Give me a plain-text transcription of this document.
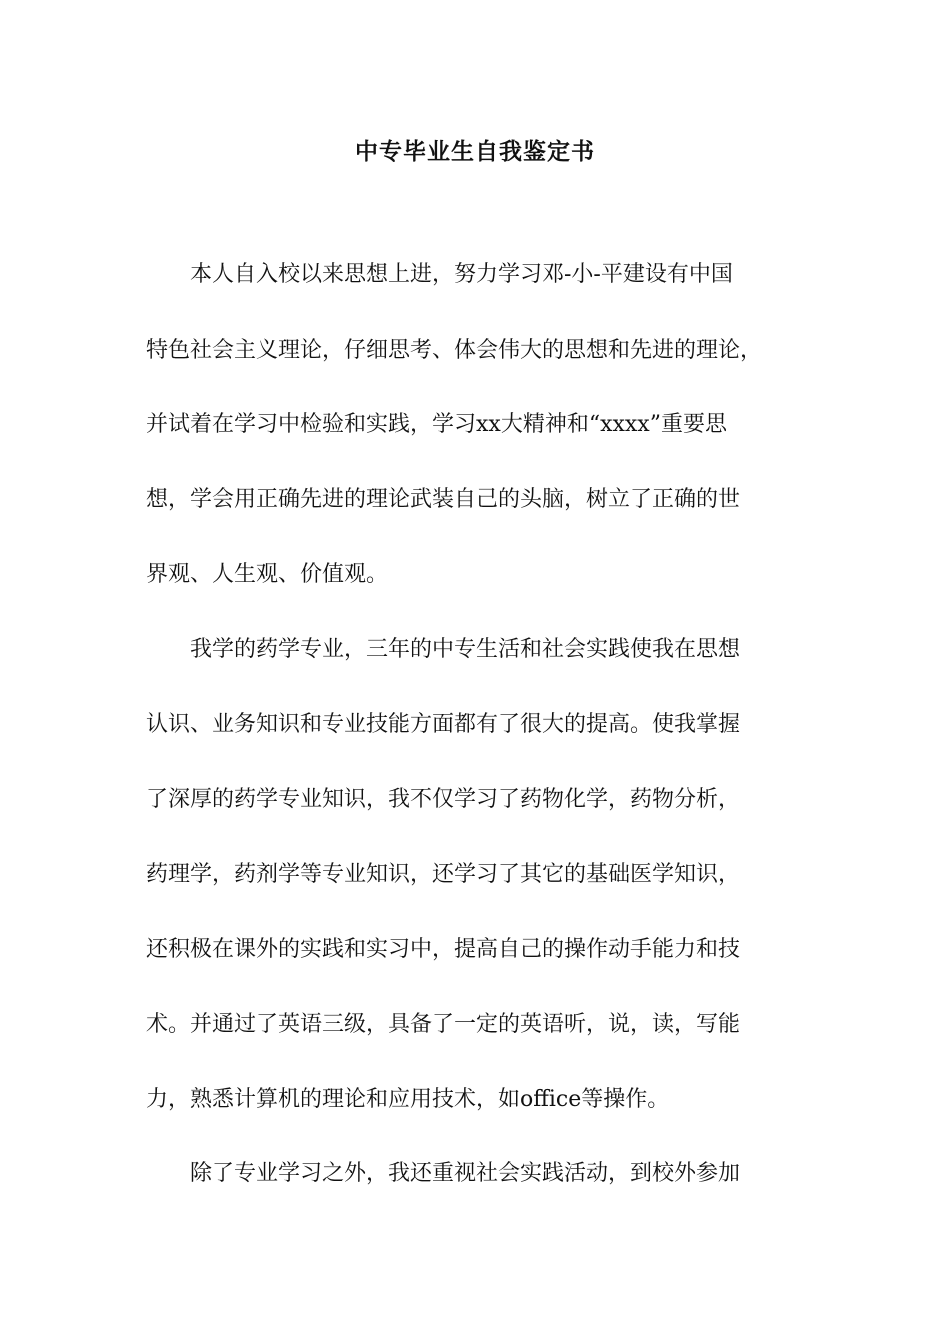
中专毕业生自我鉴定书
　　本人自入校以来思想上进，努力学习邓-小-平建设有中国
特色社会主义理论，仔细思考、体会伟大的思想和先进的理论，
并试着在学习中检验和实践，学习xx大精神和“xxxx”重要思
想，学会用正确先进的理论武装自己的头脑，树立了正确的世
界观、人生观、价值观。
　　我学的药学专业，三年的中专生活和社会实践使我在思想
认识、业务知识和专业技能方面都有了很大的提高。使我掌握
了深厚的药学专业知识，我不仅学习了药物化学，药物分析，
药理学，药剂学等专业知识，还学习了其它的基础医学知识，
还积极在课外的实践和实习中，提高自己的操作动手能力和技
术。并通过了英语三级，具备了一定的英语听，说，读，写能
力，熟悉计算机的理论和应用技术，如office等操作。
　　除了专业学习之外，我还重视社会实践活动，到校外参加
